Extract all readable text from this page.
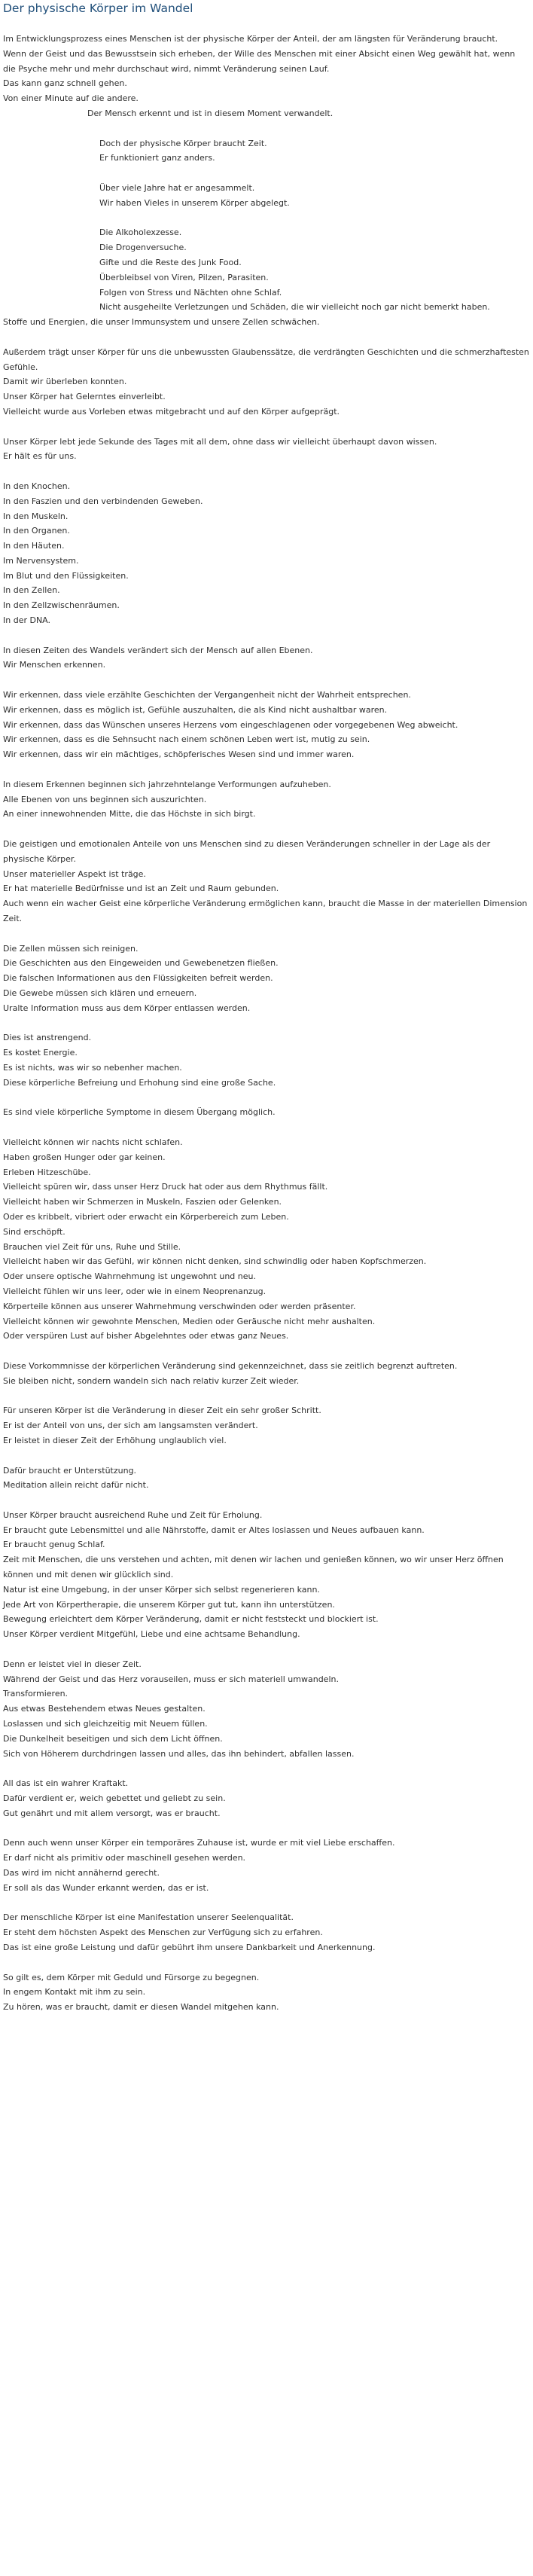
Der physische Körper im Wandel
Im Entwicklungsprozess eines Menschen ist der physische Körper der Anteil, der am längsten für Veränderung braucht.
Wenn der Geist und das Bewusstsein sich erheben, der Wille des Menschen mit einer Absicht einen Weg gewählt hat, wenn die Psyche mehr und mehr durchschaut wird, nimmt Veränderung seinen Lauf.
Das kann ganz schnell gehen.
Von einer Minute auf die andere.
Der Mensch erkennt und ist in diesem Moment verwandelt.
Doch der physische Körper braucht Zeit.
Er funktioniert ganz anders.
Über viele Jahre hat er angesammelt.
Wir haben Vieles in unserem Körper abgelegt.
Die Alkoholexzesse.
Die Drogenversuche.
Gifte und die Reste des Junk Food.
Überbleibsel von Viren, Pilzen, Parasiten.
Folgen von Stress und Nächten ohne Schlaf.
Nicht ausgeheilte Verletzungen und Schäden, die wir vielleicht noch gar nicht bemerkt haben.
Stoffe und Energien, die unser Immunsystem und unsere Zellen schwächen.
Außerdem trägt unser Körper für uns die unbewussten Glaubenssätze, die verdrängten Geschichten und die schmerzhaftesten Gefühle.
Damit wir überleben konnten.
Unser Körper hat Gelerntes einverleibt.
Vielleicht wurde aus Vorleben etwas mitgebracht und auf den Körper aufgeprägt.
Unser Körper lebt jede Sekunde des Tages mit all dem, ohne dass wir vielleicht überhaupt davon wissen.
Er hält es für uns.
In den Knochen.
In den Faszien und den verbindenden Geweben.
In den Muskeln.
In den Organen.
In den Häuten.
Im Nervensystem.
Im Blut und den Flüssigkeiten.
In den Zellen.
In den Zellzwischenräumen.
In der DNA.
In diesen Zeiten des Wandels verändert sich der Mensch auf allen Ebenen.
Wir Menschen erkennen.
Wir erkennen, dass viele erzählte Geschichten der Vergangenheit nicht der Wahrheit entsprechen.
Wir erkennen, dass es möglich ist, Gefühle auszuhalten, die als Kind nicht aushaltbar waren.
Wir erkennen, dass das Wünschen unseres Herzens vom eingeschlagenen oder vorgegebenen Weg abweicht.
Wir erkennen, dass es die Sehnsucht nach einem schönen Leben wert ist, mutig zu sein.
Wir erkennen, dass wir ein mächtiges, schöpferisches Wesen sind und immer waren.
In diesem Erkennen beginnen sich jahrzehntelange Verformungen aufzuheben.
Alle Ebenen von uns beginnen sich auszurichten.
An einer innewohnenden Mitte, die das Höchste in sich birgt.
Die geistigen und emotionalen Anteile von uns Menschen sind zu diesen Veränderungen schneller in der Lage als der physische Körper.
Unser materieller Aspekt ist träge.
Er hat materielle Bedürfnisse und ist an Zeit und Raum gebunden.
Auch wenn ein wacher Geist eine körperliche Veränderung ermöglichen kann, braucht die Masse in der materiellen Dimension Zeit.
Die Zellen müssen sich reinigen.
Die Geschichten aus den Eingeweiden und Gewebenetzen fließen.
Die falschen Informationen aus den Flüssigkeiten befreit werden.
Die Gewebe müssen sich klären und erneuern.
Uralte Information muss aus dem Körper entlassen werden.
Dies ist anstrengend.
Es kostet Energie.
Es ist nichts, was wir so nebenher machen.
Diese körperliche Befreiung und Erhohung sind eine große Sache.
Es sind viele körperliche Symptome in diesem Übergang möglich.
Vielleicht können wir nachts nicht schlafen.
Haben großen Hunger oder gar keinen.
Erleben Hitzeschübe.
Vielleicht spüren wir, dass unser Herz Druck hat oder aus dem Rhythmus fällt.
Vielleicht haben wir Schmerzen in Muskeln, Faszien oder Gelenken.
Oder es kribbelt, vibriert oder erwacht ein Körperbereich zum Leben.
Sind erschöpft.
Brauchen viel Zeit für uns, Ruhe und Stille.
Vielleicht haben wir das Gefühl, wir können nicht denken, sind schwindlig oder haben Kopfschmerzen.
Oder unsere optische Wahrnehmung ist ungewohnt und neu.
Vielleicht fühlen wir uns leer, oder wie in einem Neoprenanzug.
Körperteile können aus unserer Wahrnehmung verschwinden oder werden präsenter.
Vielleicht können wir gewohnte Menschen, Medien oder Geräusche nicht mehr aushalten.
Oder verspüren Lust auf bisher Abgelehntes oder etwas ganz Neues.
Diese Vorkommnisse der körperlichen Veränderung sind gekennzeichnet, dass sie zeitlich begrenzt auftreten.
Sie bleiben nicht, sondern wandeln sich nach relativ kurzer Zeit wieder.
Für unseren Körper ist die Veränderung in dieser Zeit ein sehr großer Schritt.
Er ist der Anteil von uns, der sich am langsamsten verändert.
Er leistet in dieser Zeit der Erhöhung unglaublich viel.
Dafür braucht er Unterstützung.
Meditation allein reicht dafür nicht.
Unser Körper braucht ausreichend Ruhe und Zeit für Erholung.
Er braucht gute Lebensmittel und alle Nährstoffe, damit er Altes loslassen und Neues aufbauen kann.
Er braucht genug Schlaf.
Zeit mit Menschen, die uns verstehen und achten, mit denen wir lachen und genießen können, wo wir unser Herz öffnen können und mit denen wir glücklich sind.
Natur ist eine Umgebung, in der unser Körper sich selbst regenerieren kann.
Jede Art von Körpertherapie, die unserem Körper gut tut, kann ihn unterstützen.
Bewegung erleichtert dem Körper Veränderung, damit er nicht feststeckt und blockiert ist.
Unser Körper verdient Mitgefühl, Liebe und eine achtsame Behandlung.
Denn er leistet viel in dieser Zeit.
Während der Geist und das Herz vorauseilen, muss er sich materiell umwandeln.
Transformieren.
Aus etwas Bestehendem etwas Neues gestalten.
Loslassen und sich gleichzeitig mit Neuem füllen.
Die Dunkelheit beseitigen und sich dem Licht öffnen.
Sich von Höherem durchdringen lassen und alles, das ihn behindert, abfallen lassen.
All das ist ein wahrer Kraftakt.
Dafür verdient er, weich gebettet und geliebt zu sein.
Gut genährt und mit allem versorgt, was er braucht.
Denn auch wenn unser Körper ein temporäres Zuhause ist, wurde er mit viel Liebe erschaffen.
Er darf nicht als primitiv oder maschinell gesehen werden.
Das wird im nicht annähernd gerecht.
Er soll als das Wunder erkannt werden, das er ist.
Der menschliche Körper ist eine Manifestation unserer Seelenqualität.
Er steht dem höchsten Aspekt des Menschen zur Verfügung sich zu erfahren.
Das ist eine große Leistung und dafür gebührt ihm unsere Dankbarkeit und Anerkennung.
So gilt es, dem Körper mit Geduld und Fürsorge zu begegnen.
In engem Kontakt mit ihm zu sein.
Zu hören, was er braucht, damit er diesen Wandel mitgehen kann.
